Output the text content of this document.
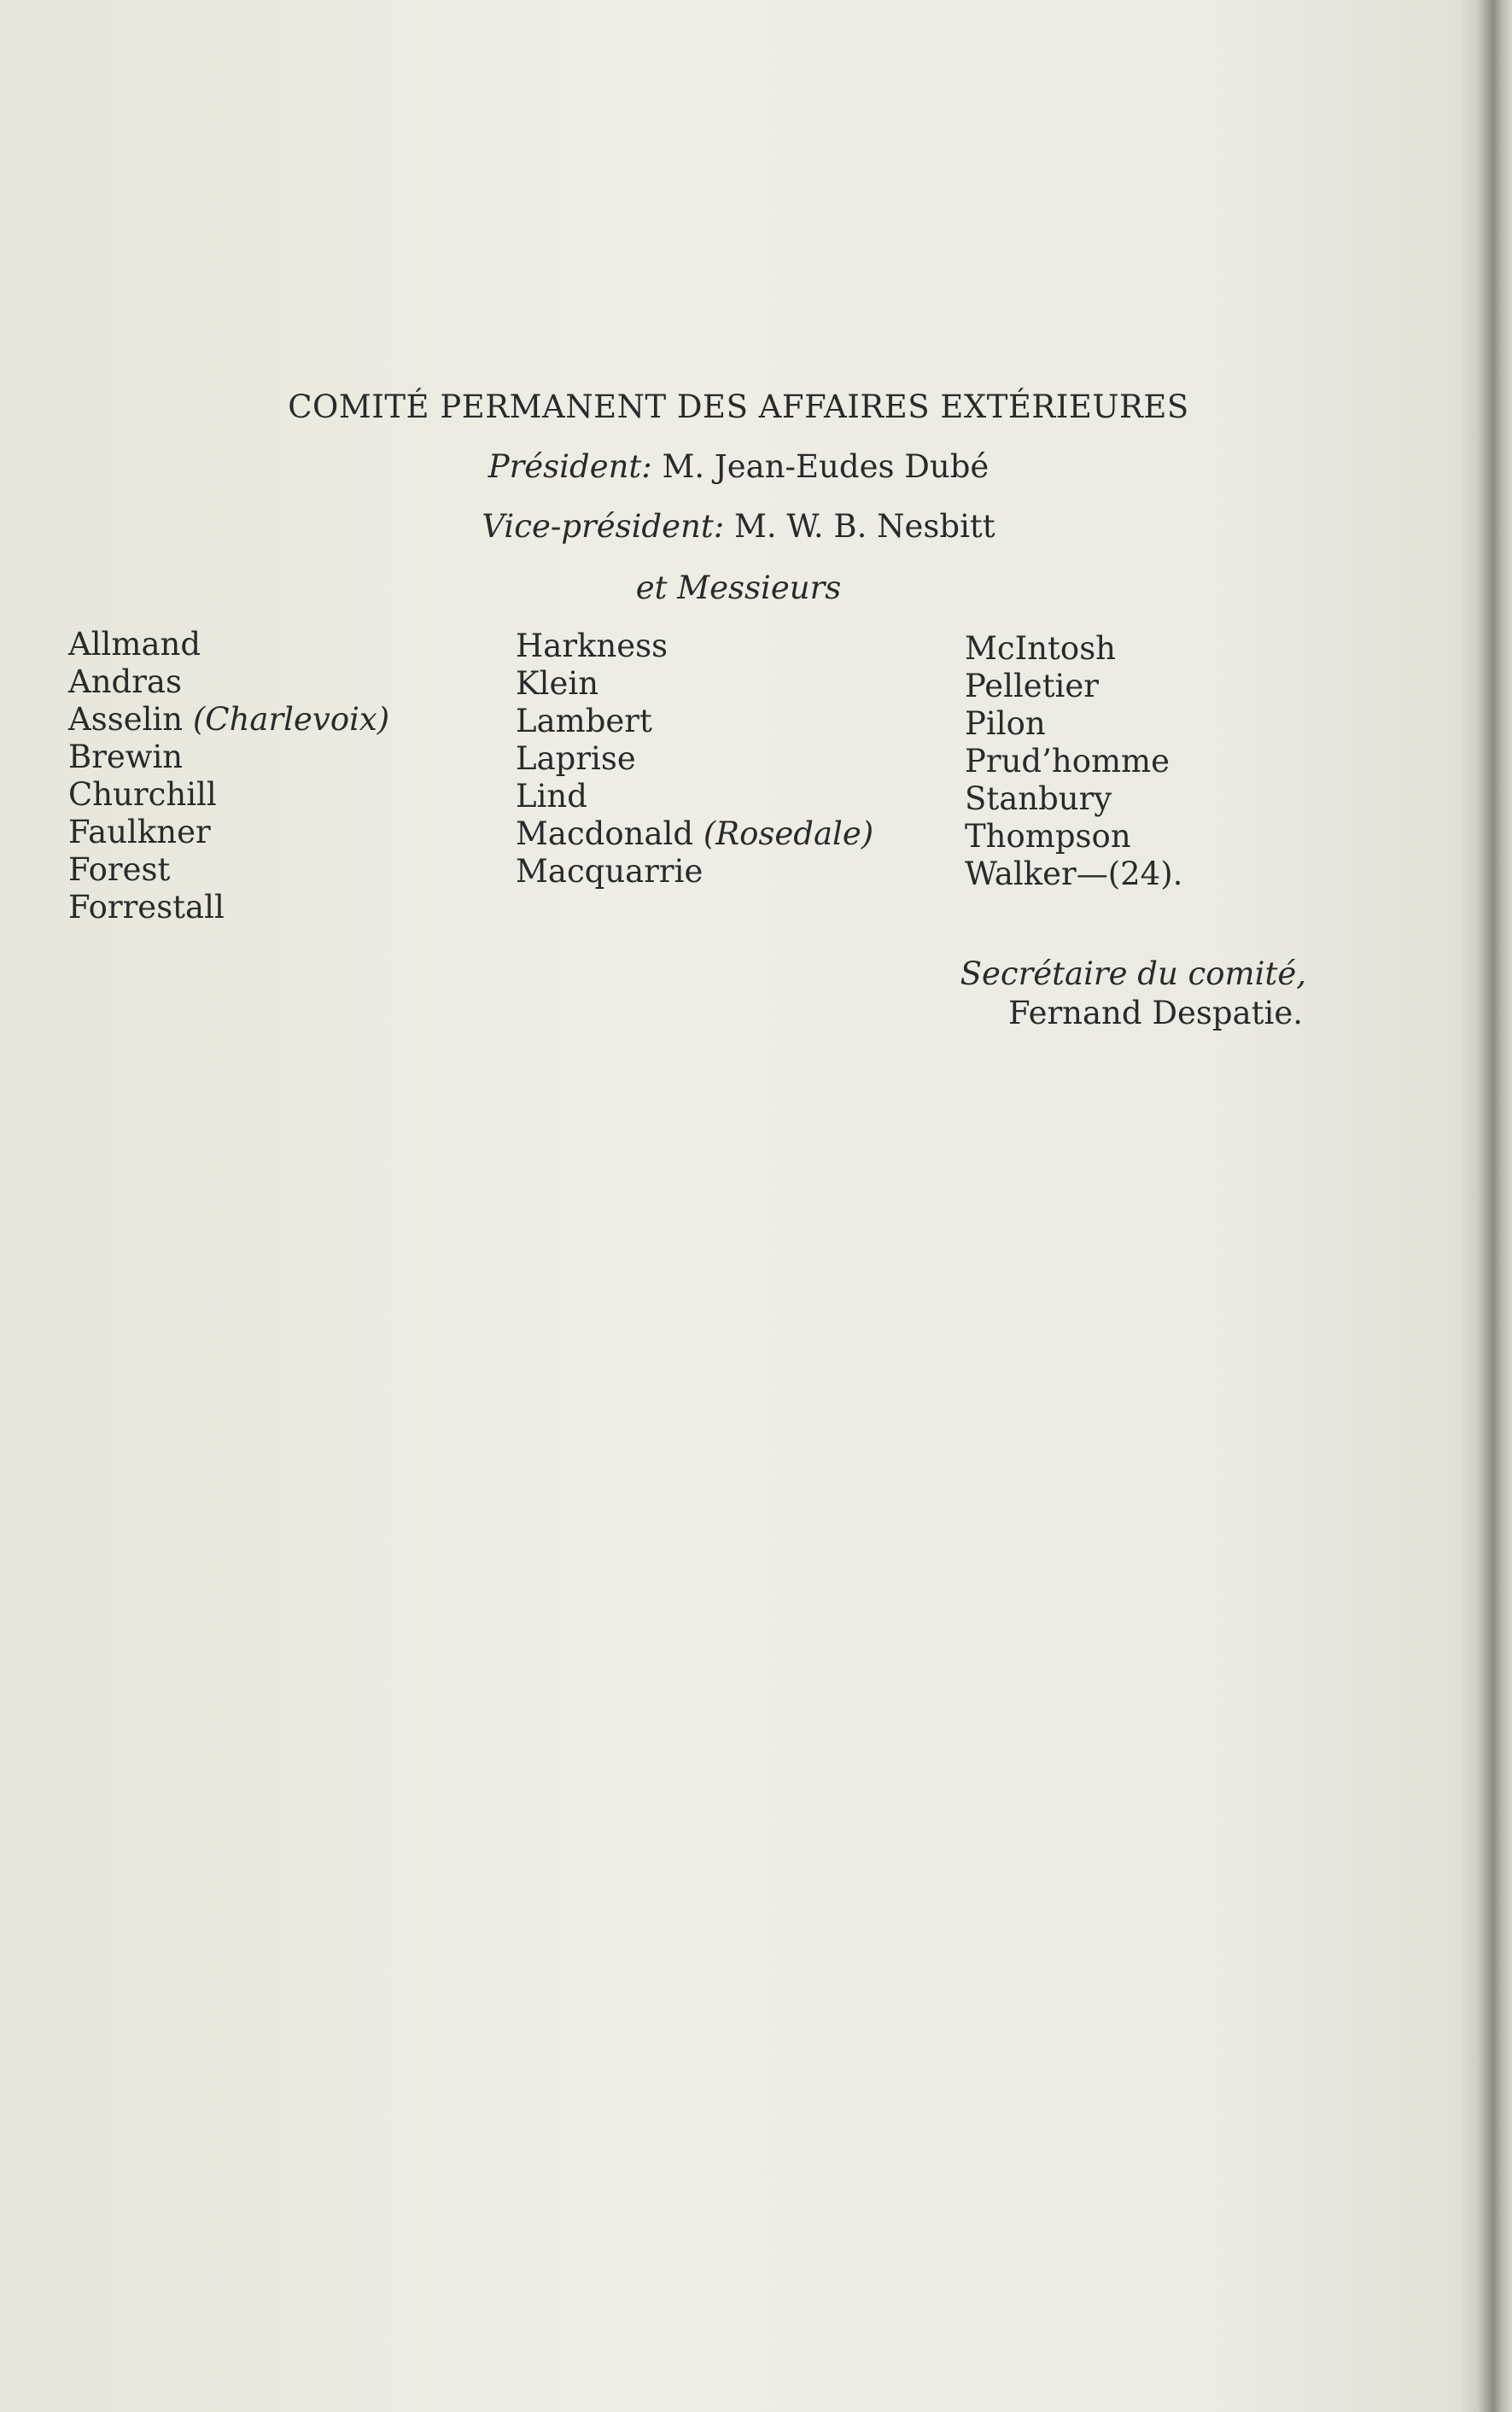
COMITÉ PERMANENT DES AFFAIRES EXTÉRIEURES
Président: M. Jean-Eudes Dubé
Vice-président: M. W. B. Nesbitt
et Messieurs
Allmand
Andras
Asselin (Charlevoix)
Brewin
Churchill
Faulkner
Forest
Forrestall
Harkness
Klein
Lambert
Laprise
Lind
Macdonald (Rosedale)
Macquarrie
McIntosh
Pelletier
Pilon
Prud’homme
Stanbury
Thompson
Walker—(24).
Secrétaire du comité,
Fernand Despatie.
